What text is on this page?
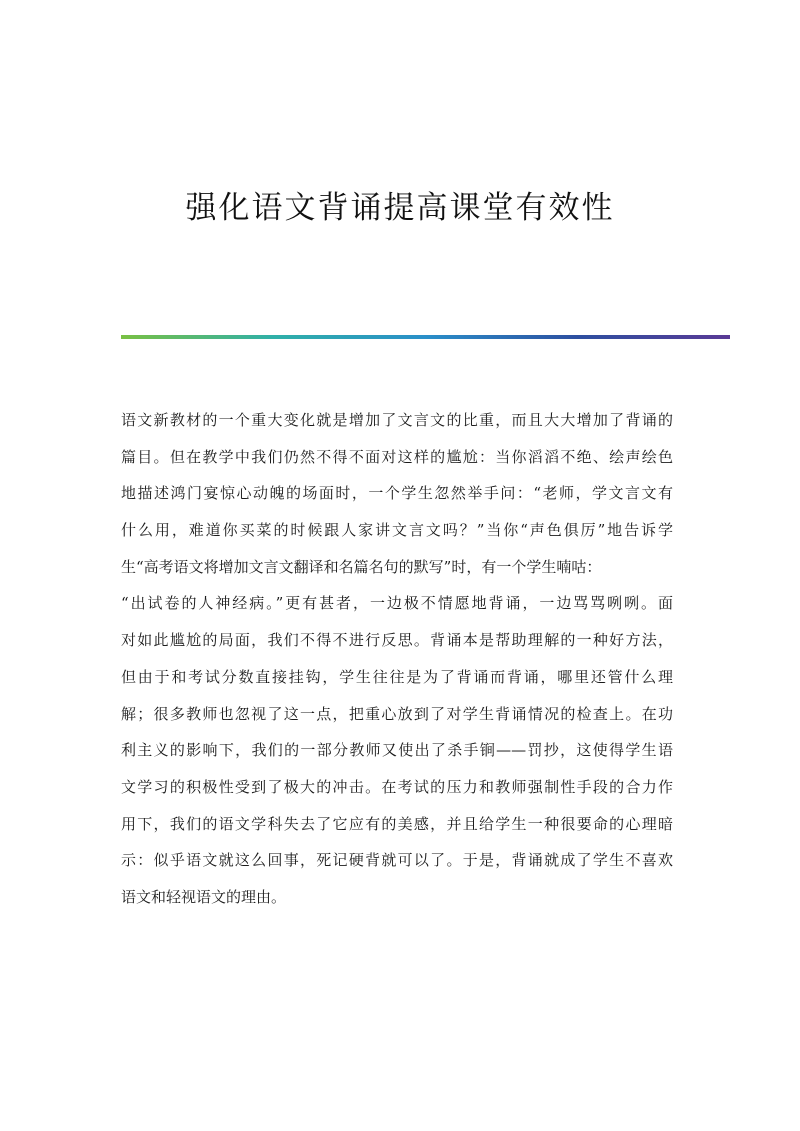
强化语文背诵提高课堂有效性
语文新教材的一个重大变化就是增加了文言文的比重，而且大大增加了背诵的
篇目。但在教学中我们仍然不得不面对这样的尴尬：当你滔滔不绝、绘声绘色
地描述鸿门宴惊心动魄的场面时，一个学生忽然举手问：“老师，学文言文有
什么用，难道你买菜的时候跟人家讲文言文吗？”当你“声色俱厉”地告诉学
生“高考语文将增加文言文翻译和名篇名句的默写”时，有一个学生喃咕：
“出试卷的人神经病。”更有甚者，一边极不情愿地背诵，一边骂骂咧咧。面
对如此尴尬的局面，我们不得不进行反思。背诵本是帮助理解的一种好方法，
但由于和考试分数直接挂钩，学生往往是为了背诵而背诵，哪里还管什么理
解；很多教师也忽视了这一点，把重心放到了对学生背诵情况的检查上。在功
利主义的影响下，我们的一部分教师又使出了杀手锏——罚抄，这使得学生语
文学习的积极性受到了极大的冲击。在考试的压力和教师强制性手段的合力作
用下，我们的语文学科失去了它应有的美感，并且给学生一种很要命的心理暗
示：似乎语文就这么回事，死记硬背就可以了。于是，背诵就成了学生不喜欢
语文和轻视语文的理由。
